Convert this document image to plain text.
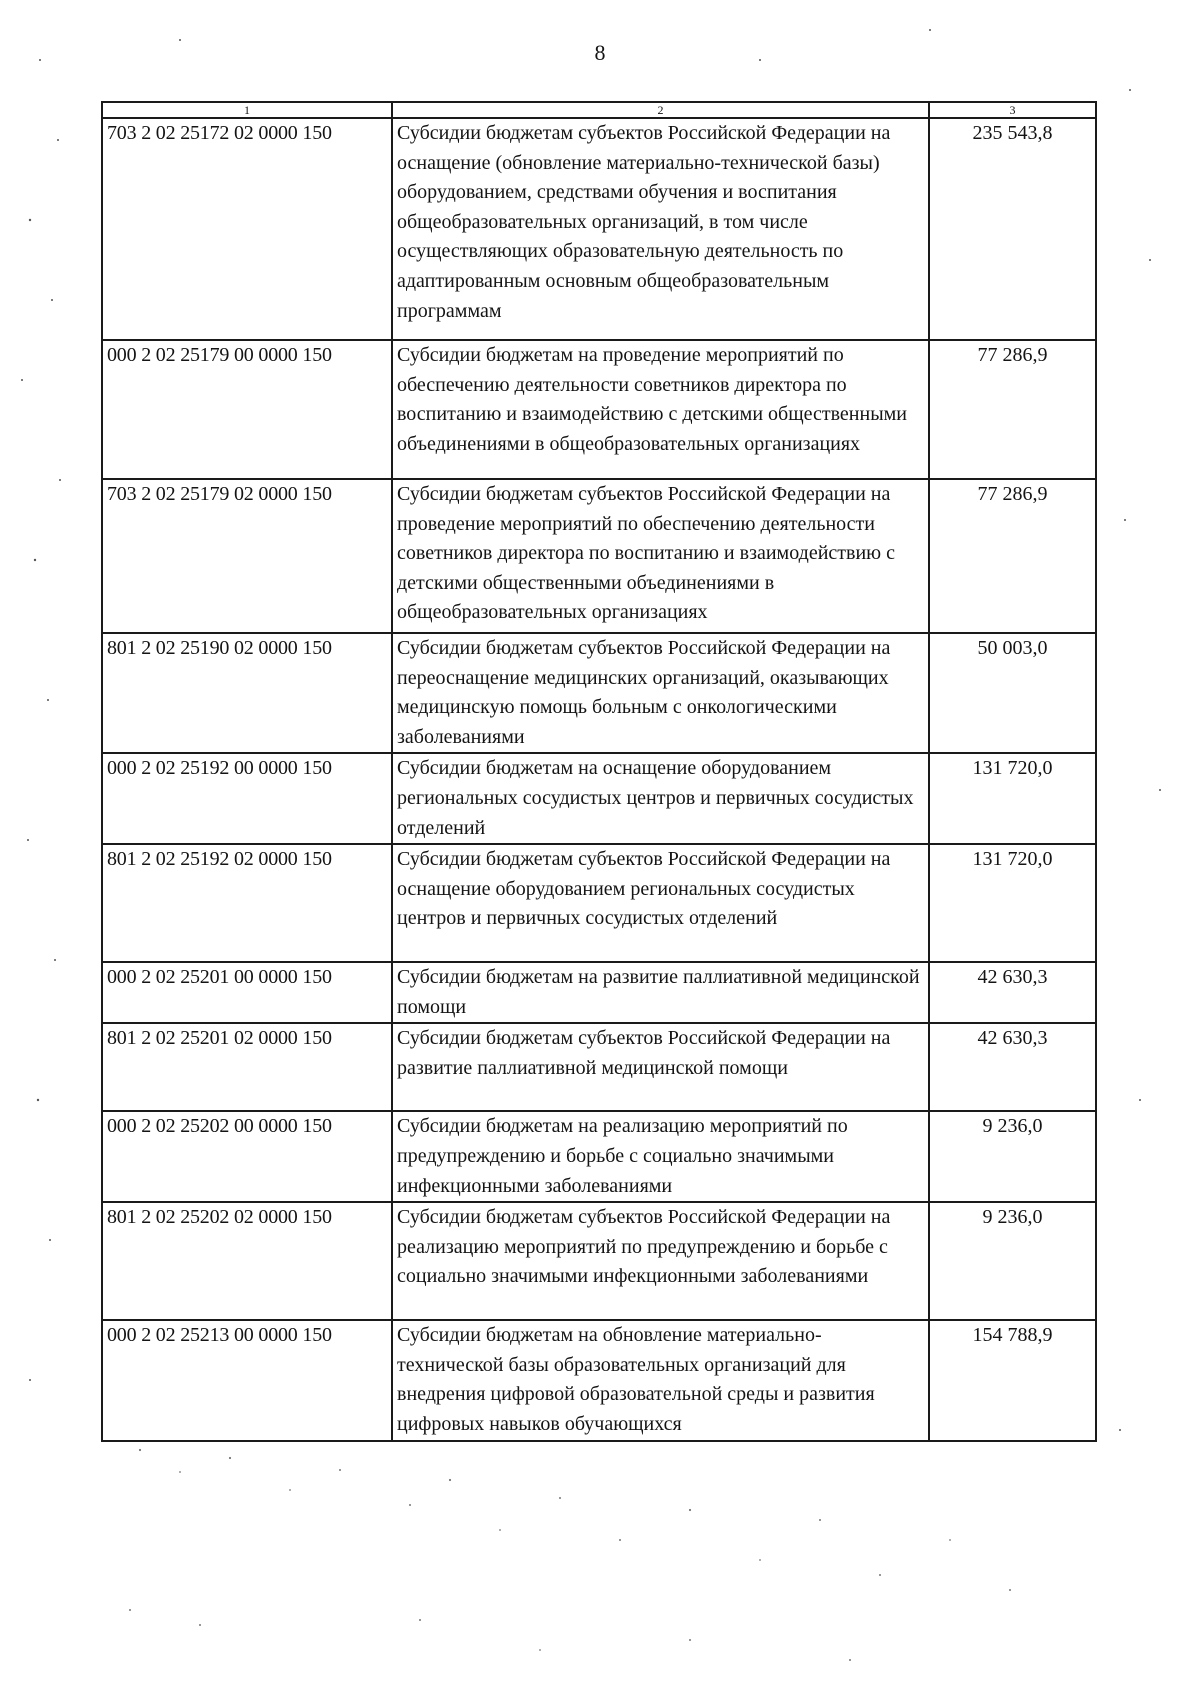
8
1	2	3
703 2 02 25172 02 0000 150	Субсидии бюджетам субъектов Российской Федерации на оснащение (обновление материально-технической базы) оборудованием, средствами обучения и воспитания общеобразовательных организаций, в том числе осуществляющих образовательную деятельность по адаптированным основным общеобразовательным программам	235 543,8
000 2 02 25179 00 0000 150	Субсидии бюджетам на проведение мероприятий по обеспечению деятельности советников директора по воспитанию и взаимодействию с детскими общественными объединениями в общеобразовательных организациях	77 286,9
703 2 02 25179 02 0000 150	Субсидии бюджетам субъектов Российской Федерации на проведение мероприятий по обеспечению деятельности советников директора по воспитанию и взаимодействию с детскими общественными объединениями в общеобразовательных организациях	77 286,9
801 2 02 25190 02 0000 150	Субсидии бюджетам субъектов Российской Федерации на переоснащение медицинских организаций, оказывающих медицинскую помощь больным с онкологическими заболеваниями	50 003,0
000 2 02 25192 00 0000 150	Субсидии бюджетам на оснащение оборудованием региональных сосудистых центров и первичных сосудистых отделений	131 720,0
801 2 02 25192 02 0000 150	Субсидии бюджетам субъектов Российской Федерации на оснащение оборудованием региональных сосудистых центров и первичных сосудистых отделений	131 720,0
000 2 02 25201 00 0000 150	Субсидии бюджетам на развитие паллиативной медицинской помощи	42 630,3
801 2 02 25201 02 0000 150	Субсидии бюджетам субъектов Российской Федерации на развитие паллиативной медицинской помощи	42 630,3
000 2 02 25202 00 0000 150	Субсидии бюджетам на реализацию мероприятий по предупреждению и борьбе с социально значимыми инфекционными заболеваниями	9 236,0
801 2 02 25202 02 0000 150	Субсидии бюджетам субъектов Российской Федерации на реализацию мероприятий по предупреждению и борьбе с социально значимыми инфекционными заболеваниями	9 236,0
000 2 02 25213 00 0000 150	Субсидии бюджетам на обновление материально-технической базы образовательных организаций для внедрения цифровой образовательной среды и развития цифровых навыков обучающихся	154 788,9
